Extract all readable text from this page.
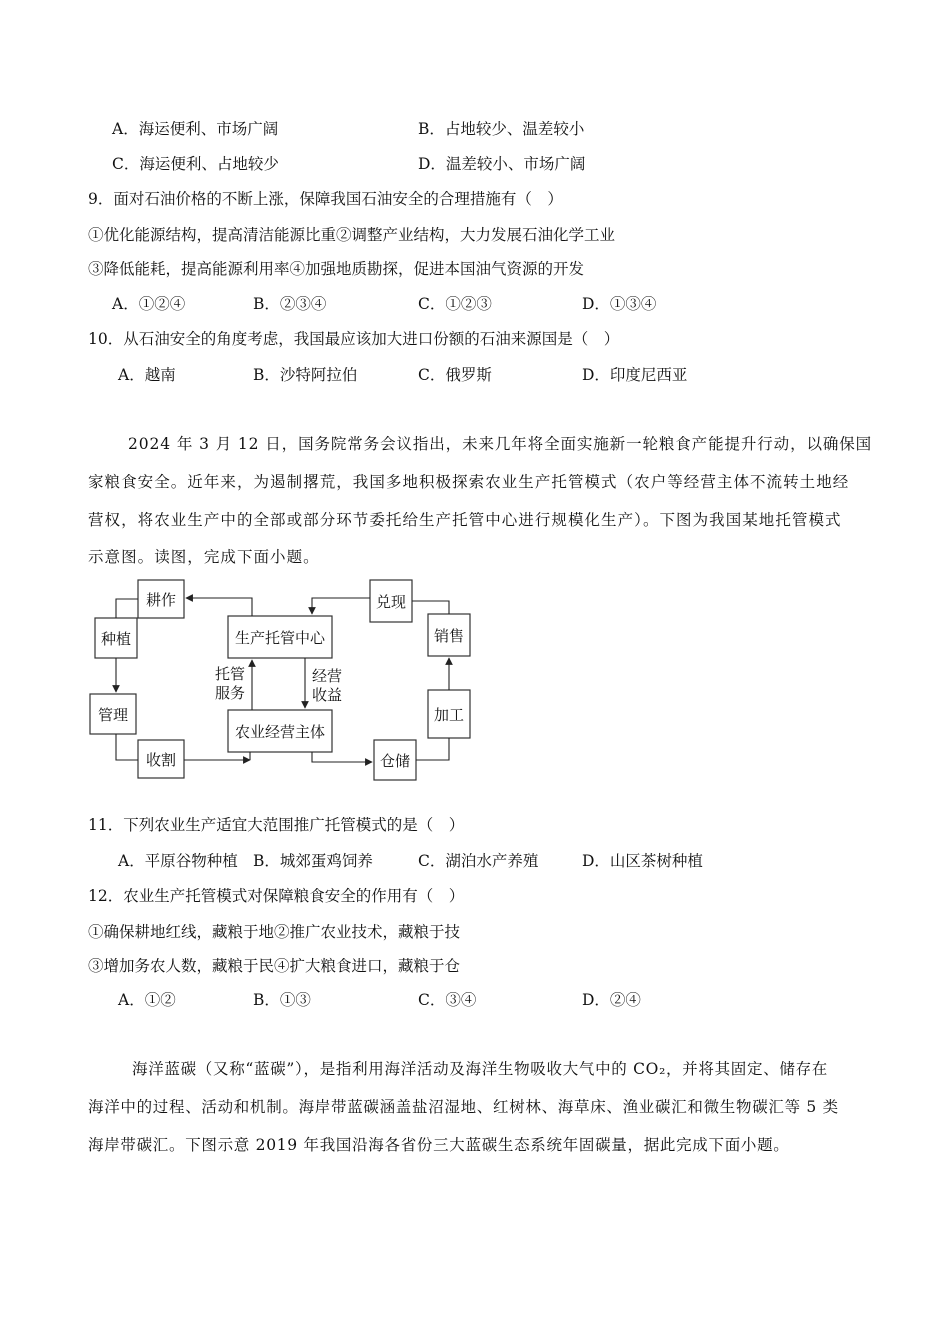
A．海运便利、市场广阔	B．占地较少、温差较小
C．海运便利、占地较少	D．温差较小、市场广阔
9．面对石油价格的不断上涨，保障我国石油安全的合理措施有（　）
①优化能源结构，提高清洁能源比重②调整产业结构，大力发展石油化学工业
③降低能耗，提高能源利用率④加强地质勘探，促进本国油气资源的开发
A．①②④	B．②③④	C．①②③	D．①③④
10．从石油安全的角度考虑，我国最应该加大进口份额的石油来源国是（　）
A．越南	B．沙特阿拉伯	C．俄罗斯	D．印度尼西亚
2024 年 3 月 12 日，国务院常务会议指出，未来几年将全面实施新一轮粮食产能提升行动，以确保国
家粮食安全。近年来，为遏制撂荒，我国多地积极探索农业生产托管模式（农户等经营主体不流转土地经
营权，将农业生产中的全部或部分环节委托给生产托管中心进行规模化生产）。下图为我国某地托管模式
示意图。读图，完成下面小题。
耕作
种植
管理
收割
生产托管中心
托管
服务
经营
收益
农业经营主体
兑现
销售
加工
仓储
11．下列农业生产适宜大范围推广托管模式的是（　）
A．平原谷物种植 B．城郊蛋鸡饲养	C．湖泊水产养殖	D．山区茶树种植
12．农业生产托管模式对保障粮食安全的作用有（　）
①确保耕地红线，藏粮于地②推广农业技术，藏粮于技
③增加务农人数，藏粮于民④扩大粮食进口，藏粮于仓
A．①②	B．①③	C．③④	D．②④
海洋蓝碳（又称“蓝碳”），是指利用海洋活动及海洋生物吸收大气中的 CO₂，并将其固定、储存在
海洋中的过程、活动和机制。海岸带蓝碳涵盖盐沼湿地、红树林、海草床、渔业碳汇和微生物碳汇等 5 类
海岸带碳汇。下图示意 2019 年我国沿海各省份三大蓝碳生态系统年固碳量，据此完成下面小题。
